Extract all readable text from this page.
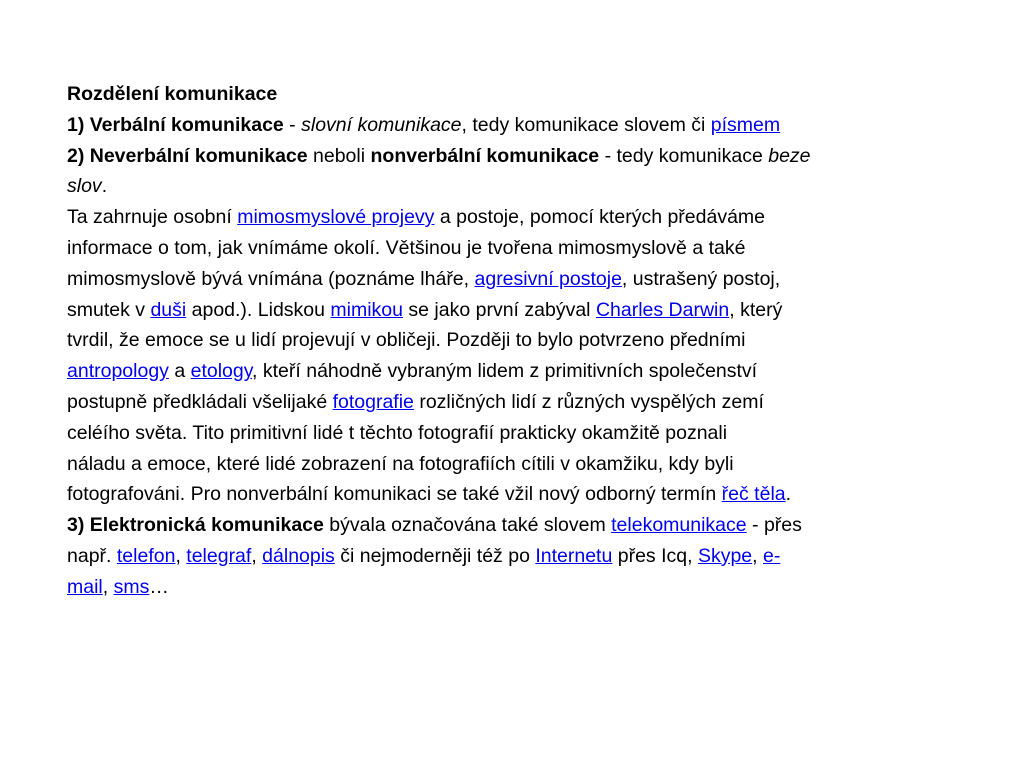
Rozdělení komunikace
1) Verbální komunikace - slovní komunikace, tedy komunikace slovem či písmem
2) Neverbální komunikace neboli nonverbální komunikace - tedy komunikace beze
slov.
Ta zahrnuje osobní mimosmyslové projevy a postoje, pomocí kterých předáváme
informace o tom, jak vnímáme okolí. Většinou je tvořena mimosmyslově a také
mimosmyslově bývá vnímána (poznáme lháře, agresivní postoje, ustrašený postoj,
smutek v duši apod.). Lidskou mimikou se jako první zabýval Charles Darwin, který
tvrdil, že emoce se u lidí projevují v obličeji. Později to bylo potvrzeno předními
antropology a etology, kteří náhodně vybraným lidem z primitivních společenství
postupně předkládali všelijaké fotografie rozličných lidí z různých vyspělých zemí
celéího světa. Tito primitivní lidé t těchto fotografií prakticky okamžitě poznali
náladu a emoce, které lidé zobrazení na fotografiích cítili v okamžiku, kdy byli
fotografováni. Pro nonverbální komunikaci se také vžil nový odborný termín řeč těla.
3) Elektronická komunikace bývala označována také slovem telekomunikace - přes
např. telefon, telegraf, dálnopis či nejmoderněji též po Internetu přes Icq, Skype, e-
mail, sms…
